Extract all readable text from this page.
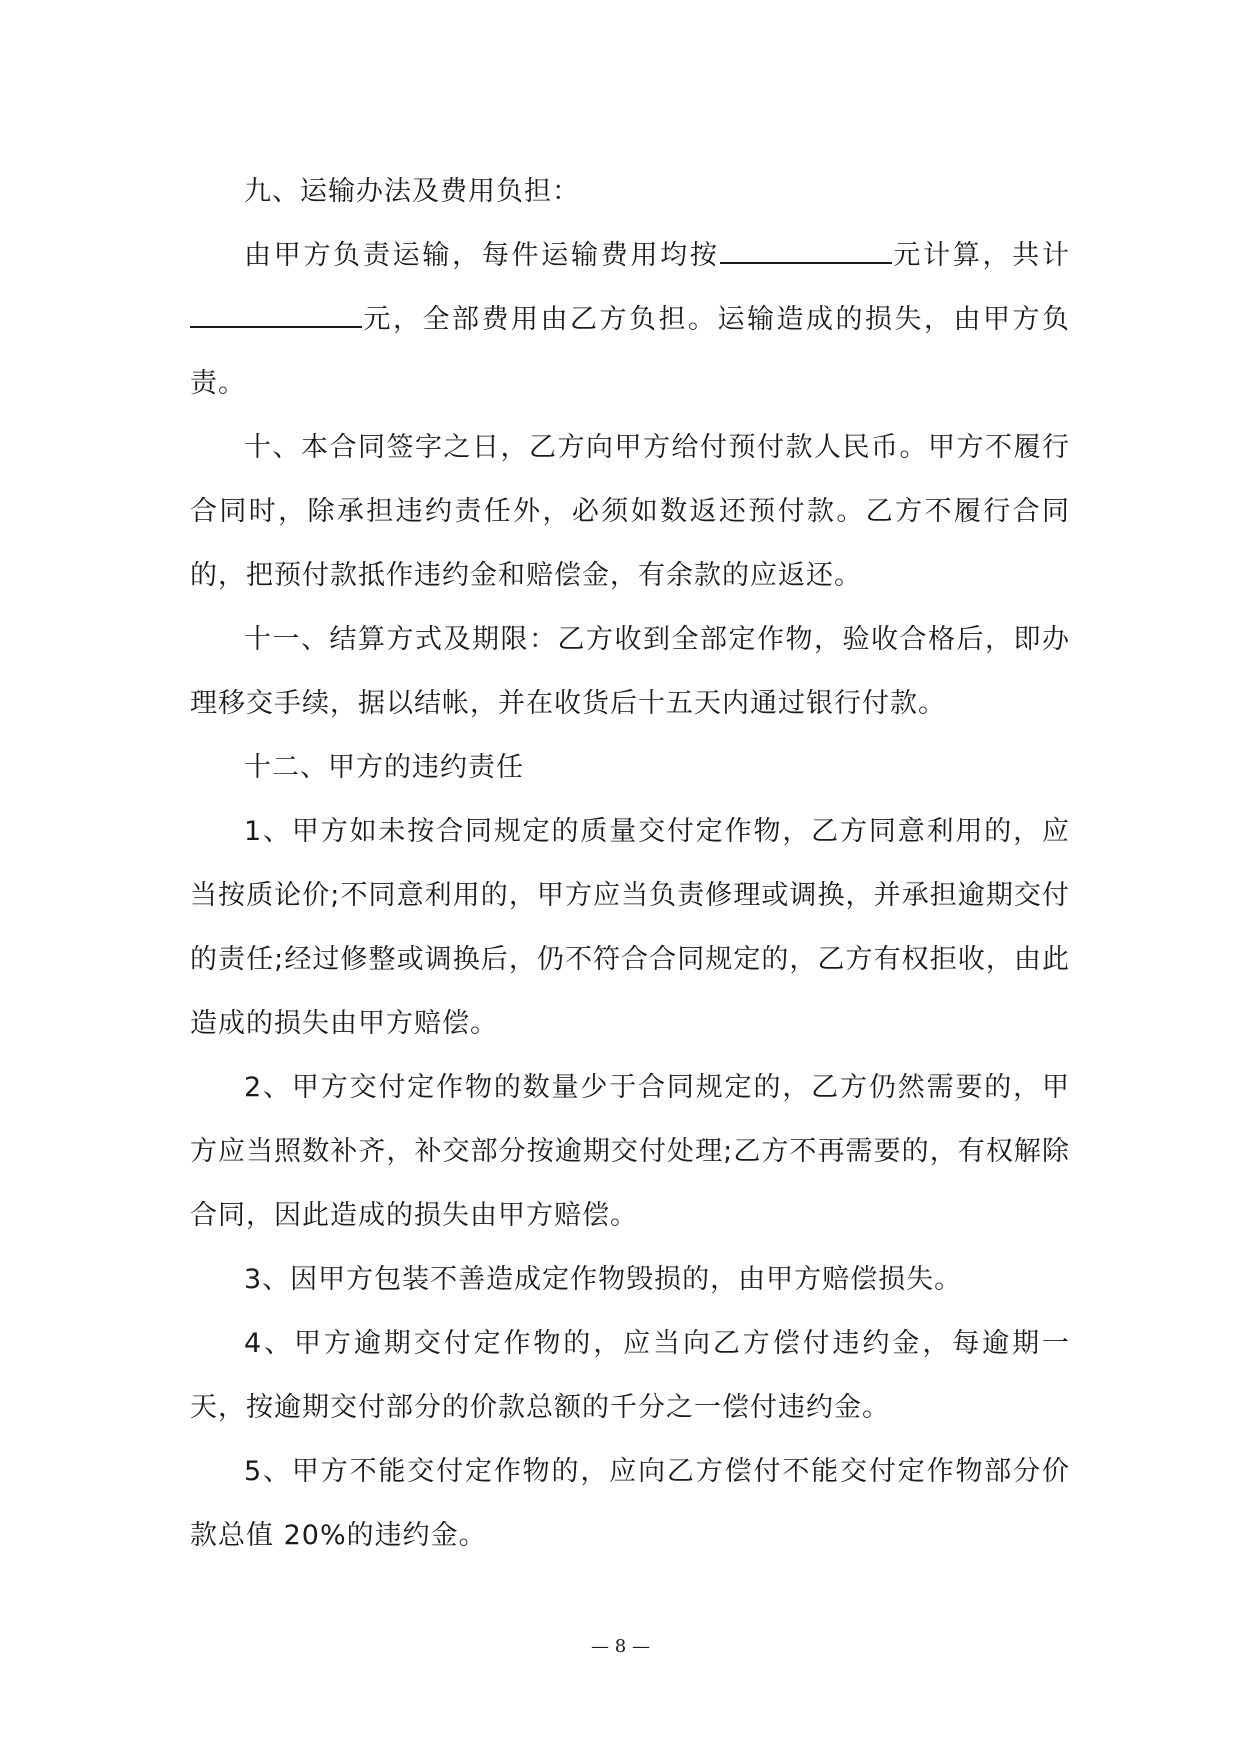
九、运输办法及费用负担：

由甲方负责运输，每件运输费用均按	元计算，共计元，全部费用由乙方负担。运输造成的损失，由甲方负责。

十、本合同签字之日，乙方向甲方给付预付款人民币。甲方不履行合同时，除承担违约责任外，必须如数返还预付款。乙方不履行合同的，把预付款抵作违约金和赔偿金，有余款的应返还。

十一、结算方式及期限：乙方收到全部定作物，验收合格后，即办理移交手续，据以结帐，并在收货后十五天内通过银行付款。

十二、甲方的违约责任

1、甲方如未按合同规定的质量交付定作物，乙方同意利用的，应当按质论价;不同意利用的，甲方应当负责修理或调换，并承担逾期交付的责任;经过修整或调换后，仍不符合合同规定的，乙方有权拒收，由此造成的损失由甲方赔偿。

2、甲方交付定作物的数量少于合同规定的，乙方仍然需要的，甲方应当照数补齐，补交部分按逾期交付处理;乙方不再需要的，有权解除合同，因此造成的损失由甲方赔偿。

3、因甲方包装不善造成定作物毁损的，由甲方赔偿损失。

4、甲方逾期交付定作物的，应当向乙方偿付违约金，每逾期一天，按逾期交付部分的价款总额的千分之一偿付违约金。

5、甲方不能交付定作物的，应向乙方偿付不能交付定作物部分价款总值 20%的违约金。

— 8 —
